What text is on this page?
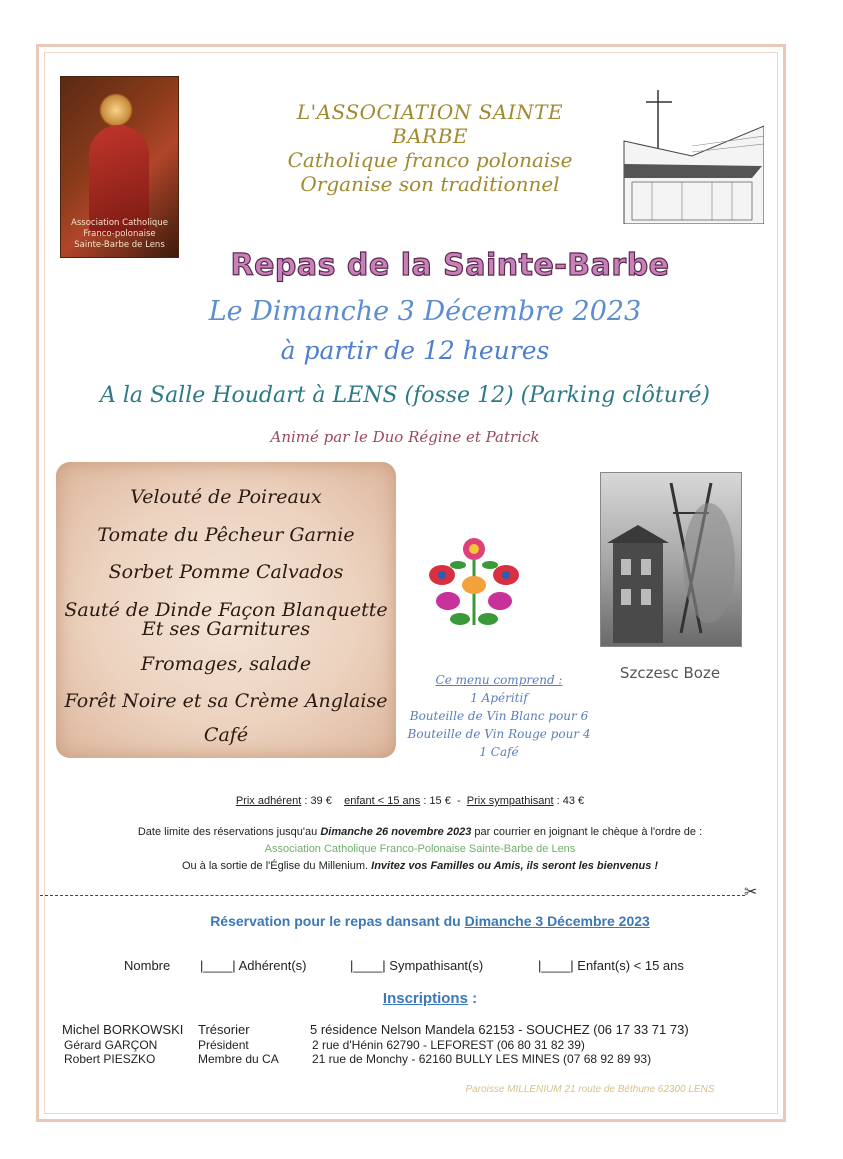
Association Catholique
Franco-polonaise
Sainte-Barbe de Lens
L'ASSOCIATION SAINTE
BARBE
Catholique franco polonaise
Organise son traditionnel
Repas de la Sainte-Barbe
Le Dimanche 3 Décembre 2023
à partir de 12 heures
A la Salle Houdart à LENS (fosse 12) (Parking clôturé)
Animé par le Duo Régine et Patrick
Velouté de Poireaux
Tomate du Pêcheur Garnie
Sorbet Pomme Calvados
Sauté de Dinde Façon Blanquette
Et ses Garnitures
Fromages, salade
Forêt Noire et sa Crème Anglaise
Café
Ce menu comprend :
1 Apéritif
Bouteille de Vin Blanc pour 6
Bouteille de Vin Rouge pour 4
1 Café
Szczesc Boze
Prix adhérent : 39 € enfant < 15 ans : 15 € - Prix sympathisant : 43 €
Date limite des réservations jusqu'au Dimanche 26 novembre 2023 par courrier en joignant le chèque à l'ordre de :
Association Catholique Franco-Polonaise Sainte-Barbe de Lens
Ou à la sortie de l'Église du Millenium. Invitez vos Familles ou Amis, ils seront les bienvenus !
✂
Réservation pour le repas dansant du Dimanche 3 Décembre 2023
Nombre |____| Adhérent(s)	|____| Sympathisant(s)	|____| Enfant(s) < 15 ans
Inscriptions :
Michel BORKOWSKI Trésorier	5 résidence Nelson Mandela 62153 - SOUCHEZ (06 17 33 71 73)
Gérard GARÇON	Président	2 rue d'Hénin 62790 - LEFOREST (06 80 31 82 39)
Robert PIESZKO	Membre du CA	21 rue de Monchy - 62160 BULLY LES MINES (07 68 92 89 93)
Paroisse MILLENIUM 21 route de Béthune 62300 LENS
